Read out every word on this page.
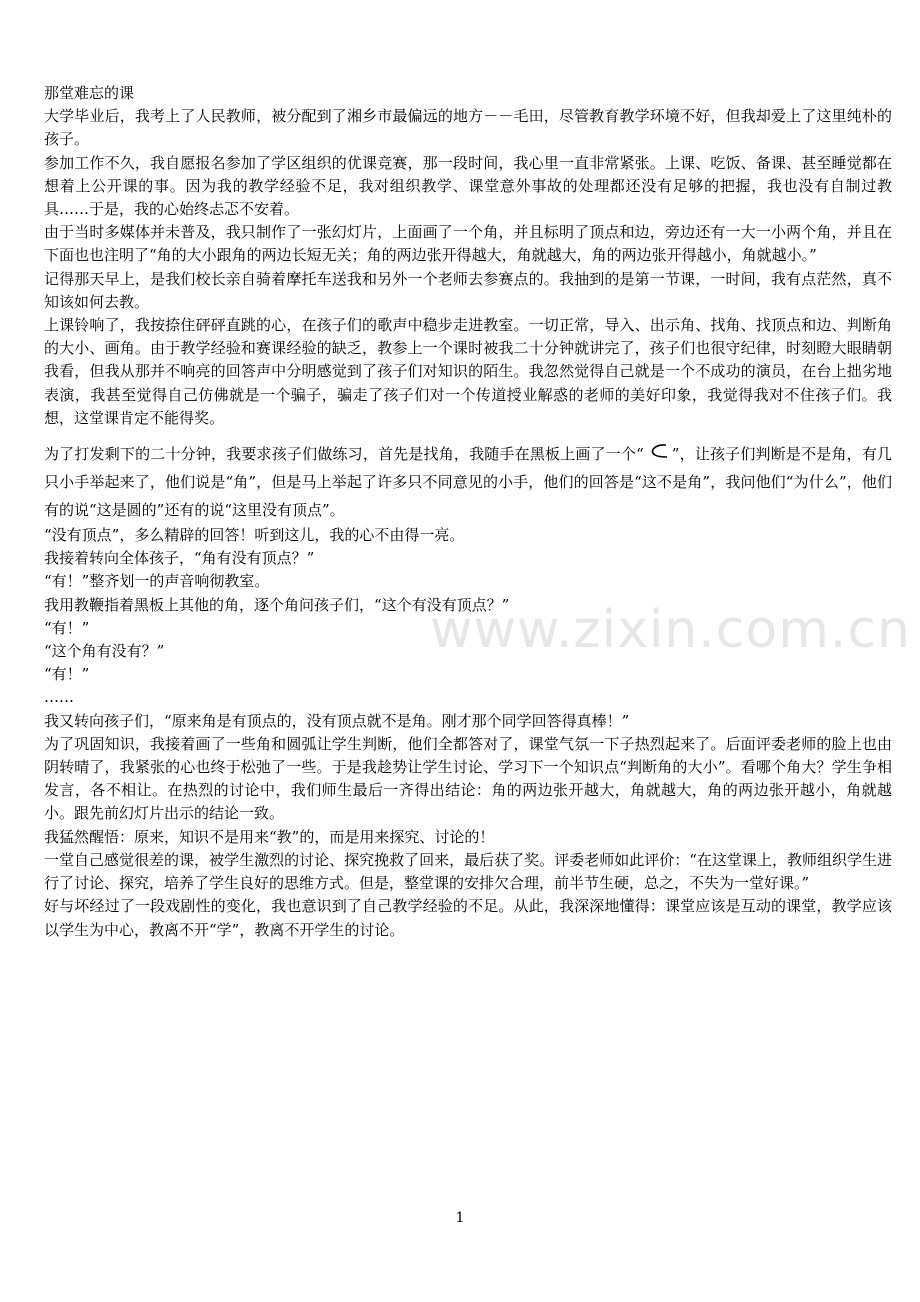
那堂难忘的课

大学毕业后，我考上了人民教师，被分配到了湘乡市最偏远的地方－－毛田，尽管教育教学环境不好，但我却爱上了这里纯朴的孩子。

参加工作不久，我自愿报名参加了学区组织的优课竞赛，那一段时间，我心里一直非常紧张。上课、吃饭、备课、甚至睡觉都在想着上公开课的事。因为我的教学经验不足，我对组织教学、课堂意外事故的处理都还没有足够的把握，我也没有自制过教具……于是，我的心始终忐忑不安着。

由于当时多媒体并未普及，我只制作了一张幻灯片，上面画了一个角，并且标明了顶点和边，旁边还有一大一小两个角，并且在下面也也注明了“角的大小跟角的两边长短无关；角的两边张开得越大，角就越大，角的两边张开得越小，角就越小。”

记得那天早上，是我们校长亲自骑着摩托车送我和另外一个老师去参赛点的。我抽到的是第一节课，一时间，我有点茫然，真不知该如何去教。

上课铃响了，我按捺住砰砰直跳的心，在孩子们的歌声中稳步走进教室。一切正常，导入、出示角、找角、找顶点和边、判断角的大小、画角。由于教学经验和赛课经验的缺乏，教参上一个课时被我二十分钟就讲完了，孩子们也很守纪律，时刻瞪大眼睛朝我看，但我从那并不响亮的回答声中分明感觉到了孩子们对知识的陌生。我忽然觉得自己就是一个不成功的演员，在台上拙劣地表演，我甚至觉得自己仿佛就是一个骗子，骗走了孩子们对一个传道授业解惑的老师的美好印象，我觉得我对不住孩子们。我想，这堂课肯定不能得奖。

为了打发剩下的二十分钟，我要求孩子们做练习，首先是找角，我随手在黑板上画了一个“ ”，让孩子们判断是不是角，有几只小手举起来了，他们说是“角”，但是马上举起了许多只不同意见的小手，他们的回答是“这不是角”，我问他们“为什么”，他们有的说“这是圆的”还有的说“这里没有顶点”。

“没有顶点”，多么精辟的回答！听到这儿，我的心不由得一亮。

我接着转向全体孩子，“角有没有顶点？”

“有！”整齐划一的声音响彻教室。

我用教鞭指着黑板上其他的角，逐个角问孩子们，“这个有没有顶点？”

“有！”

“这个角有没有？”

“有！”

……

我又转向孩子们，“原来角是有顶点的，没有顶点就不是角。刚才那个同学回答得真棒！”

为了巩固知识，我接着画了一些角和圆弧让学生判断，他们全都答对了，课堂气氛一下子热烈起来了。后面评委老师的脸上也由阴转晴了，我紧张的心也终于松弛了一些。于是我趁势让学生讨论、学习下一个知识点“判断角的大小”。看哪个角大？学生争相发言，各不相让。在热烈的讨论中，我们师生最后一齐得出结论：角的两边张开越大，角就越大，角的两边张开越小，角就越小。跟先前幻灯片出示的结论一致。

我猛然醒悟：原来，知识不是用来“教”的，而是用来探究、讨论的！

一堂自己感觉很差的课，被学生激烈的讨论、探究挽救了回来，最后获了奖。评委老师如此评价：“在这堂课上，教师组织学生进行了讨论、探究，培养了学生良好的思维方式。但是，整堂课的安排欠合理，前半节生硬，总之，不失为一堂好课。”

好与坏经过了一段戏剧性的变化，我也意识到了自己教学经验的不足。从此，我深深地懂得：课堂应该是互动的课堂，教学应该以学生为中心，教离不开“学”，教离不开学生的讨论。

www.zixin.com.cn
1
